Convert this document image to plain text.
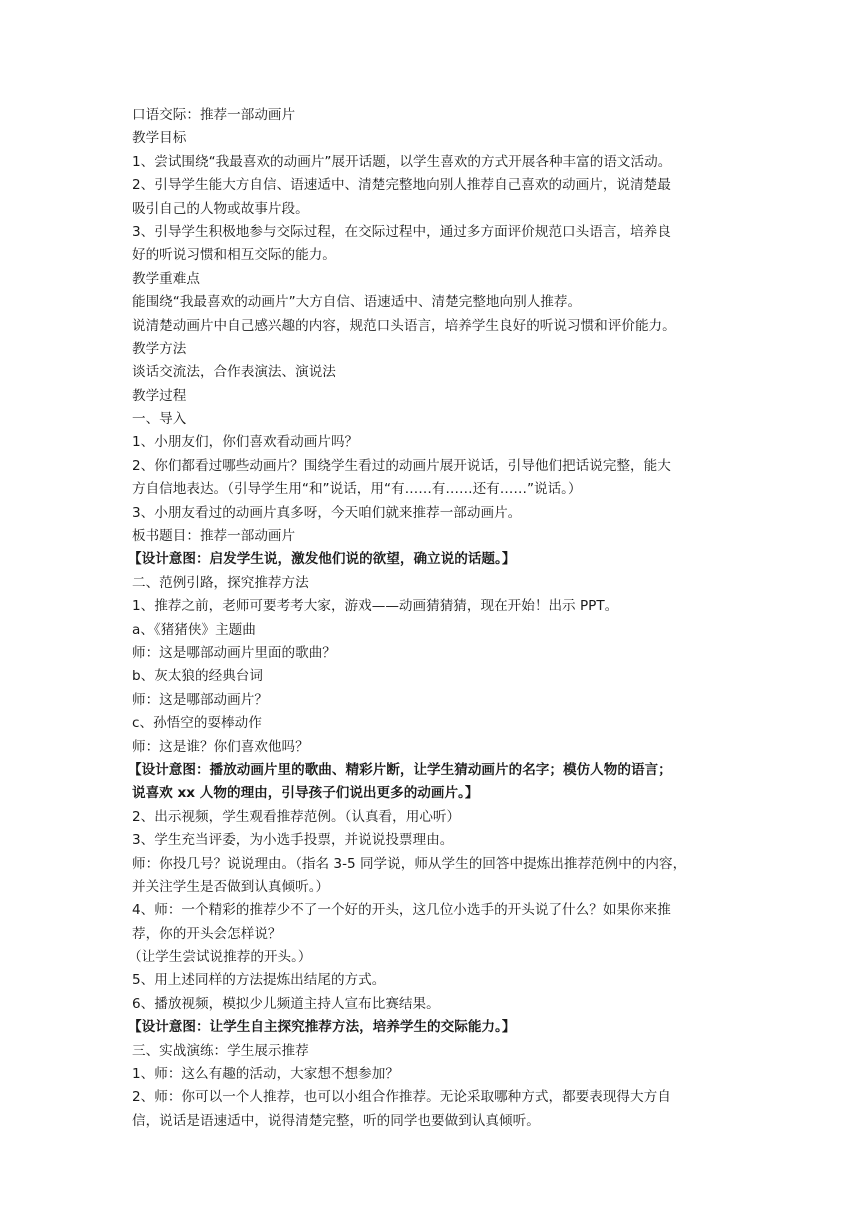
口语交际：推荐一部动画片
教学目标
1、尝试围绕“我最喜欢的动画片”展开话题，以学生喜欢的方式开展各种丰富的语文活动。
2、引导学生能大方自信、语速适中、清楚完整地向别人推荐自己喜欢的动画片，说清楚最
吸引自己的人物或故事片段。
3、引导学生积极地参与交际过程，在交际过程中，通过多方面评价规范口头语言，培养良
好的听说习惯和相互交际的能力。
教学重难点
能围绕“我最喜欢的动画片”大方自信、语速适中、清楚完整地向别人推荐。
说清楚动画片中自己感兴趣的内容，规范口头语言，培养学生良好的听说习惯和评价能力。
教学方法
谈话交流法，合作表演法、演说法
教学过程
一、导入
1、小朋友们，你们喜欢看动画片吗？
2、你们都看过哪些动画片？围绕学生看过的动画片展开说话，引导他们把话说完整，能大
方自信地表达。（引导学生用“和”说话，用“有……有……还有……”说话。）
3、小朋友看过的动画片真多呀，今天咱们就来推荐一部动画片。
板书题目：推荐一部动画片
【设计意图：启发学生说，激发他们说的欲望，确立说的话题。】
二、范例引路，探究推荐方法
1、推荐之前，老师可要考考大家，游戏——动画猜猜猜，现在开始！出示 PPT。
a、《猪猪侠》主题曲
师：这是哪部动画片里面的歌曲？
b、灰太狼的经典台词
师：这是哪部动画片？
c、孙悟空的耍棒动作
师：这是谁？你们喜欢他吗？
【设计意图：播放动画片里的歌曲、精彩片断，让学生猜动画片的名字；模仿人物的语言；
说喜欢 xx 人物的理由，引导孩子们说出更多的动画片。】
2、出示视频，学生观看推荐范例。（认真看，用心听）
3、学生充当评委，为小选手投票，并说说投票理由。
师：你投几号？说说理由。（指名 3-5 同学说，师从学生的回答中提炼出推荐范例中的内容，
并关注学生是否做到认真倾听。）
4、师：一个精彩的推荐少不了一个好的开头，这几位小选手的开头说了什么？如果你来推
荐，你的开头会怎样说？
（让学生尝试说推荐的开头。）
5、用上述同样的方法提炼出结尾的方式。
6、播放视频，模拟少儿频道主持人宣布比赛结果。
【设计意图：让学生自主探究推荐方法，培养学生的交际能力。】
三、实战演练：学生展示推荐
1、师：这么有趣的活动，大家想不想参加？
2、师：你可以一个人推荐，也可以小组合作推荐。无论采取哪种方式，都要表现得大方自
信，说话是语速适中，说得清楚完整，听的同学也要做到认真倾听。
